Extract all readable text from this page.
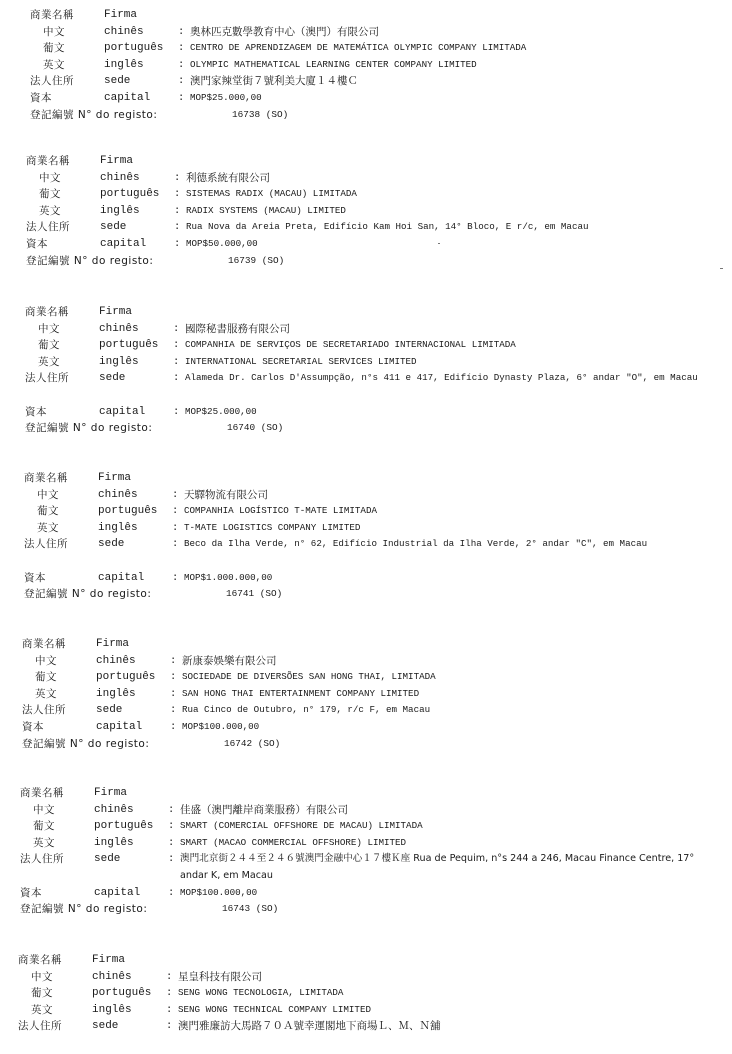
商業名稱	Firma
中文	chinês	: 奧林匹克數學教育中心（澳門）有限公司
葡文	português : CENTRO DE APRENDIZAGEM DE MATEMÁTICA OLYMPIC COMPANY LIMITADA
英文	inglês	: OLYMPIC MATHEMATICAL LEARNING CENTER COMPANY LIMITED
法人住所	sede	: 澳門家辣堂街７號利美大廈１４樓Ｃ
資本	capital	: MOP$25.000,00
登記編號 N° do registo:	16738 (SO)
商業名稱	Firma
中文	chinês	: 利德系統有限公司
葡文	português : SISTEMAS RADIX (MACAU) LIMITADA
英文	inglês	: RADIX SYSTEMS (MACAU) LIMITED
法人住所	sede	: Rua Nova da Areia Preta, Edifício Kam Hoi San, 14° Bloco, E r/c, em Macau
資本	capital	: MOP$50.000,00
登記編號 N° do registo:	16739 (SO)
商業名稱	Firma
中文	chinês	: 國際秘書服務有限公司
葡文	português : COMPANHIA DE SERVIÇOS DE SECRETARIADO INTERNACIONAL LIMITADA
英文	inglês	: INTERNATIONAL SECRETARIAL SERVICES LIMITED
法人住所	sede	: Alameda Dr. Carlos D'Assumpção, n°s 411 e 417, Edifício Dynasty Plaza, 6° andar "O", em Macau
資本	capital	: MOP$25.000,00
登記編號 N° do registo:	16740 (SO)
商業名稱	Firma
中文	chinês	: 天驛物流有限公司
葡文	português : COMPANHIA LOGÍSTICO T-MATE LIMITADA
英文	inglês	: T-MATE LOGISTICS COMPANY LIMITED
法人住所	sede	: Beco da Ilha Verde, n° 62, Edifício Industrial da Ilha Verde, 2° andar "C", em Macau
資本	capital	: MOP$1.000.000,00
登記編號 N° do registo:	16741 (SO)
商業名稱	Firma
中文	chinês	: 新康泰娛樂有限公司
葡文	português : SOCIEDADE DE DIVERSÕES SAN HONG THAI, LIMITADA
英文	inglês	: SAN HONG THAI ENTERTAINMENT COMPANY LIMITED
法人住所	sede	: Rua Cinco de Outubro, n° 179, r/c F, em Macau
資本	capital	: MOP$100.000,00
登記編號 N° do registo:	16742 (SO)
商業名稱	Firma
中文	chinês	: 佳盛（澳門離岸商業服務）有限公司
葡文	português : SMART (COMERCIAL OFFSHORE DE MACAU) LIMITADA
英文	inglês	: SMART (MACAO COMMERCIAL OFFSHORE) LIMITED
法人住所	sede	: 澳門北京街２４４至２４６號澳門金融中心１７樓Ｋ座 Rua de Pequim, n°s 244 a 246, Macau Finance Centre, 17° andar K, em Macau
資本	capital	: MOP$100.000,00
登記編號 N° do registo:	16743 (SO)
商業名稱	Firma
中文	chinês	: 星皇科技有限公司
葡文	português : SENG WONG TECNOLOGIA, LIMITADA
英文	inglês	: SENG WONG TECHNICAL COMPANY LIMITED
法人住所	sede	: 澳門雅廉訪大馬路７０Ａ號幸運閣地下商場Ｌ、Ｍ、Ｎ舖
